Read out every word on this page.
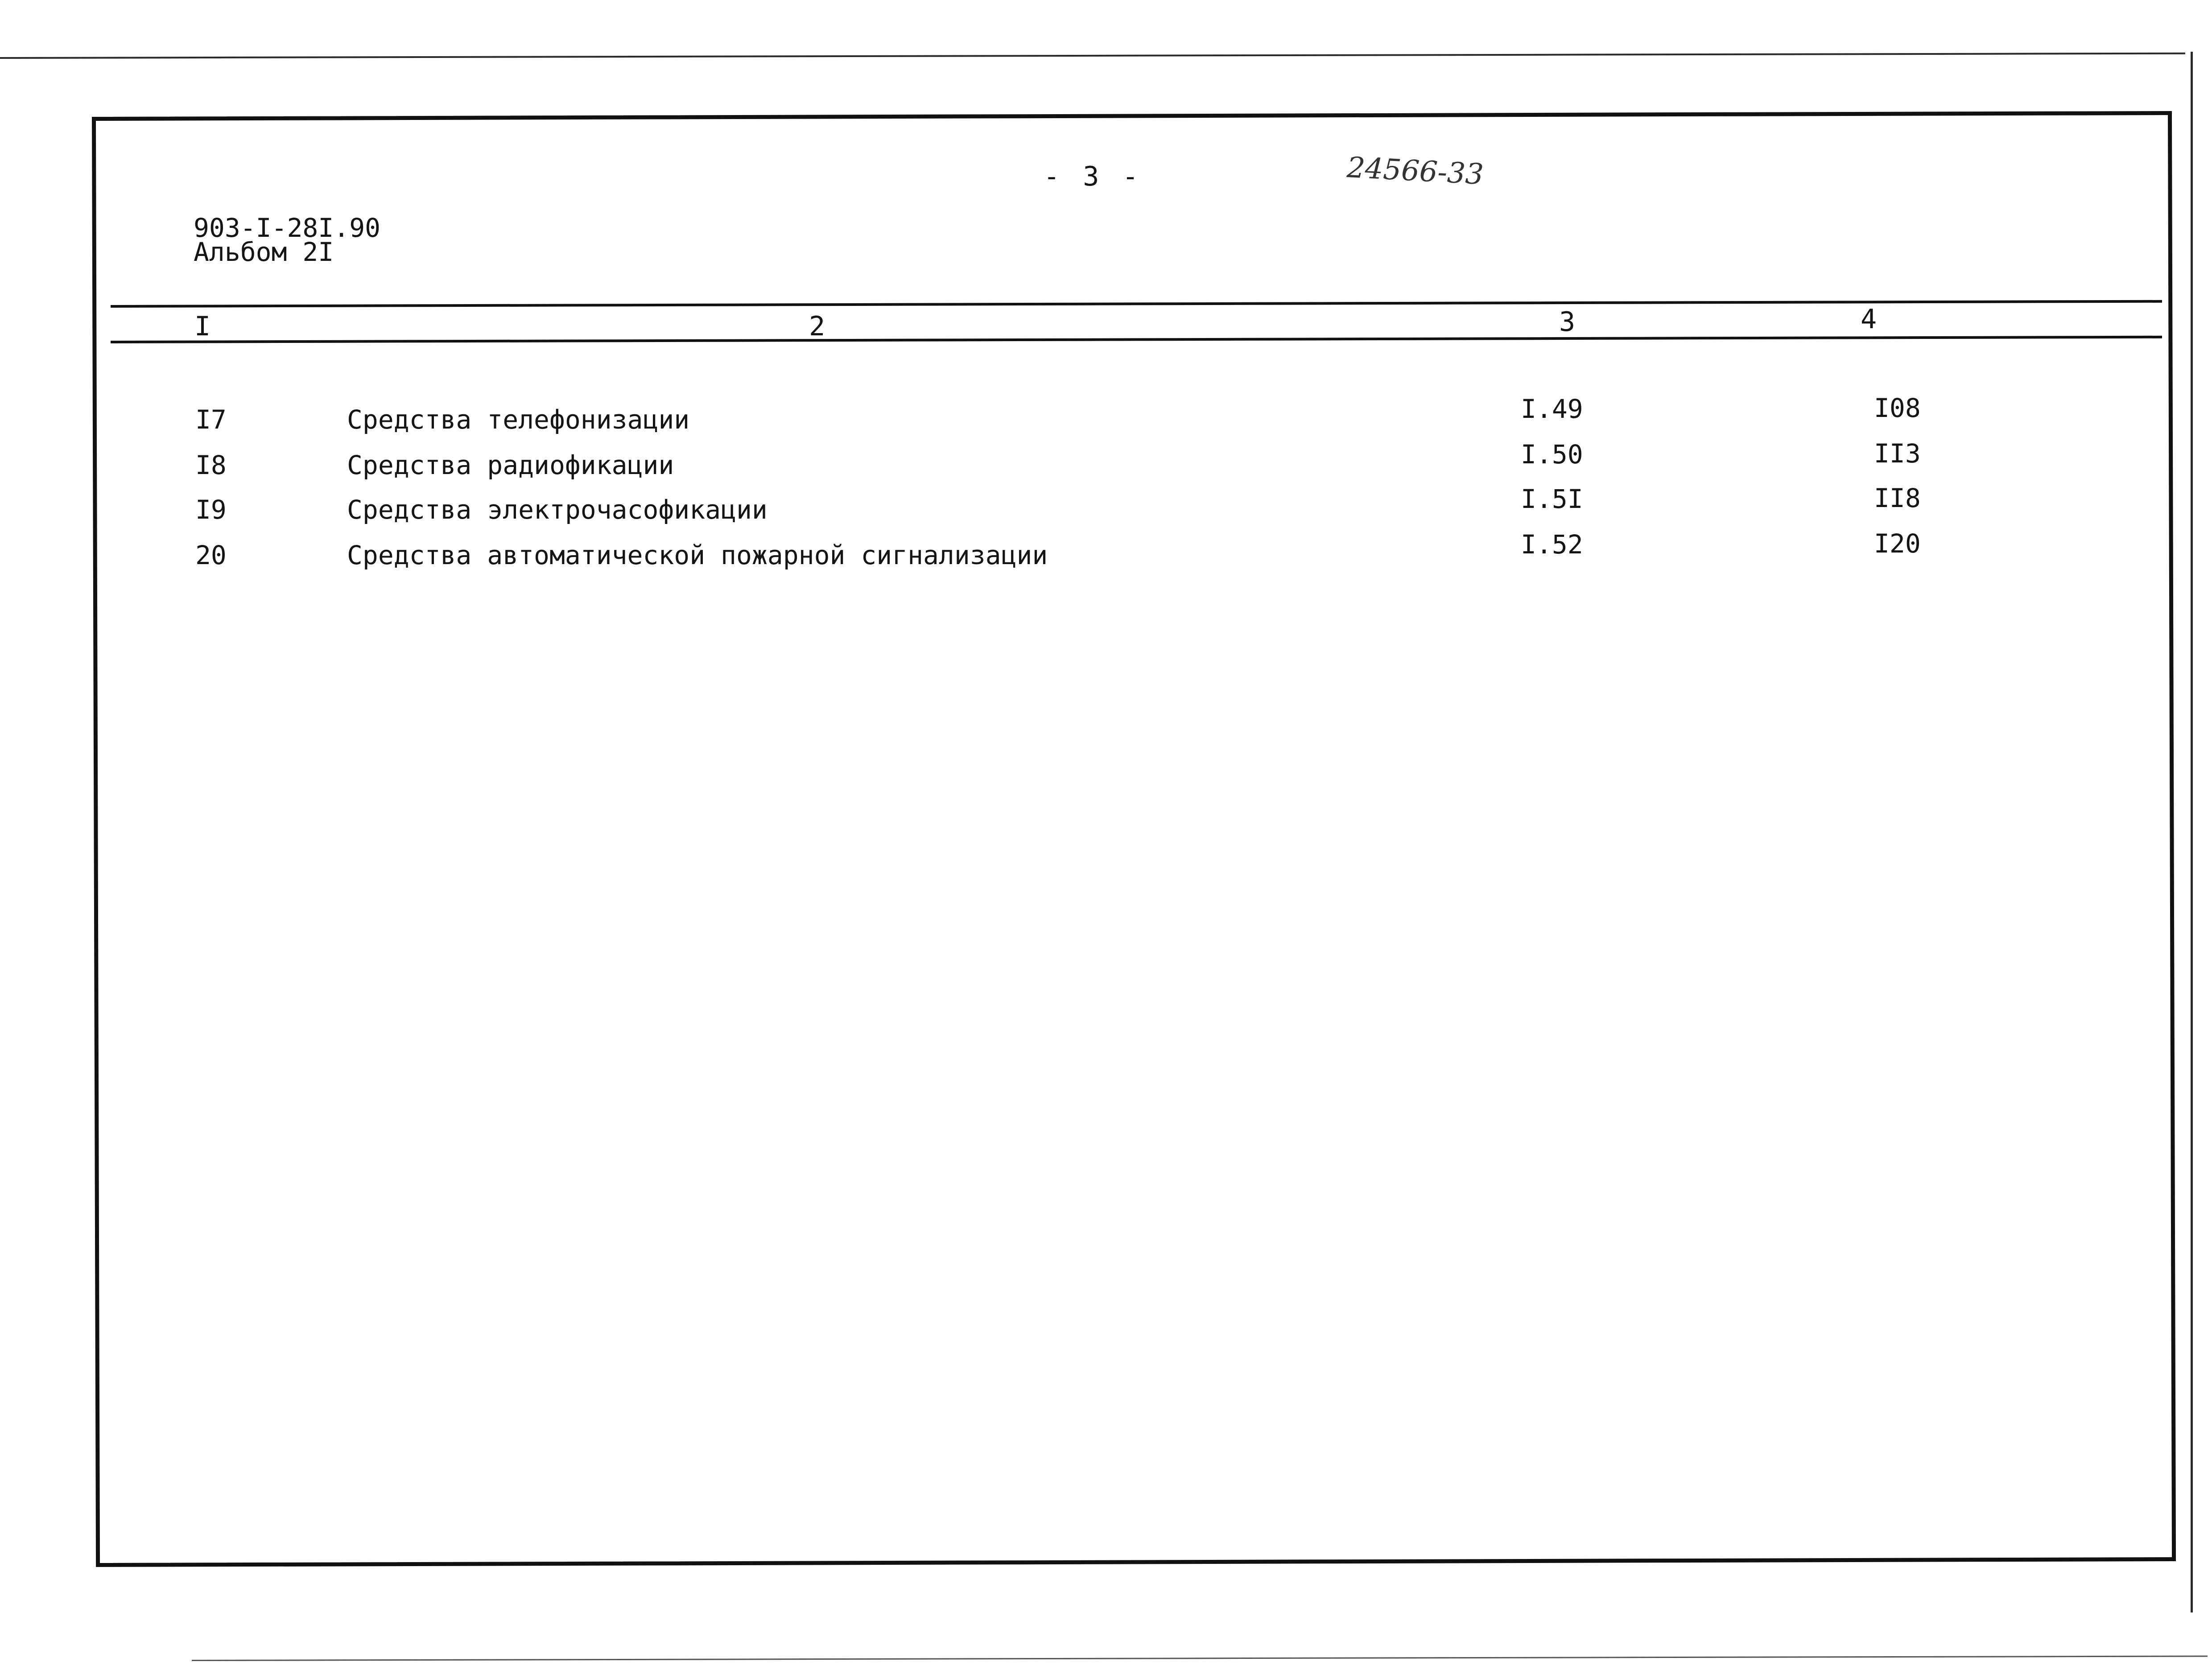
- 3 -	24566-33
903-I-28I.90
Альбом 2I
I	2	3	4
I7	Средства телефонизации	I.49	I08
I8	Средства радиофикации	I.50	II3
I9	Средства электрочасофикации	I.5I	II8
20	Средства автоматической пожарной сигнализации	I.52	I20
